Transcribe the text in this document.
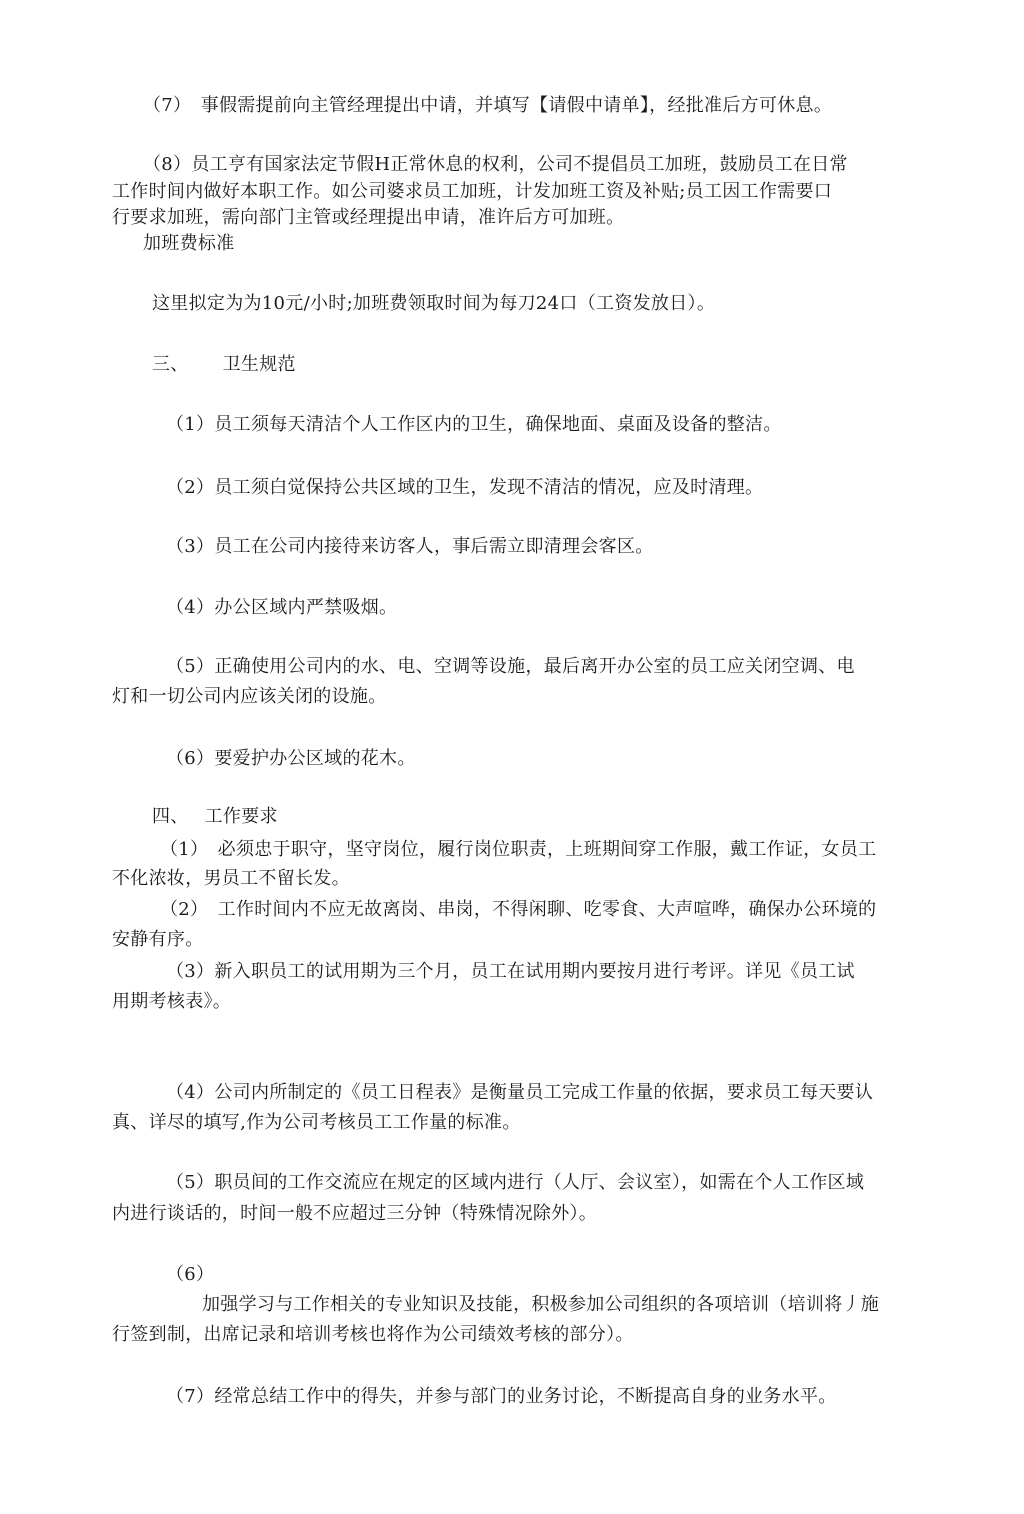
（7）　事假需提前向主管经理提出中请，并填写【请假中请单】，经批准后方可休息。
（8）员工亨有国家法定节假H正常休息的权利，公司不提倡员工加班，鼓励员工在日常
工作时间内做好本职工作。如公司婆求员工加班，计发加班工资及补贴;员工因工作需要口
行要求加班，需向部门主管或经理提出申请，准许后方可加班。
加班费标准
这里拟定为为10元/小时;加班费领取时间为每刀24口（工资发放日）。
三、 卫生规范
（1）员工须每天清洁个人工作区内的卫生，确保地面、桌面及设备的整洁。
（2）员工须白觉保持公共区域的卫生，发现不清洁的情况，应及时清理。
（3）员工在公司内接待来访客人，事后需立即清理会客区。
（4）办公区域内严禁吸烟。
（5）正确使用公司内的水、电、空调等设施，最后离开办公室的员工应关闭空调、电
灯和一切公司内应该关闭的设施。
（6）要爱护办公区域的花木。
四、 工作要求
（1）　必须忠于职守，坚守岗位，履行岗位职责，上班期间穿工作服，戴工作证，女员工
不化浓妆，男员工不留长发。
（2）　工作时间内不应无故离岗、串岗，不得闲聊、吃零食、大声喧哗，确保办公环境的
安静有序。
（3）新入职员工的试用期为三个月，员工在试用期内要按月进行考评。详见《员工试
用期考核表》。
（4）公司内所制定的《员工日程表》是衡量员工完成工作量的依据，要求员工每天要认
真、详尽的填写,作为公司考核员工工作量的标准。
（5）职员间的工作交流应在规定的区域内进行（人厅、会议室），如需在个人工作区域
内进行谈话的，时间一般不应超过三分钟（特殊情况除外）。
（6）
加强学习与工作相关的专业知识及技能，积极参加公司组织的各项培训（培训将丿施
行签到制，出席记录和培训考核也将作为公司绩效考核的部分）。
（7）经常总结工作中的得失，并参与部门的业务讨论，不断提高自身的业务水平。
